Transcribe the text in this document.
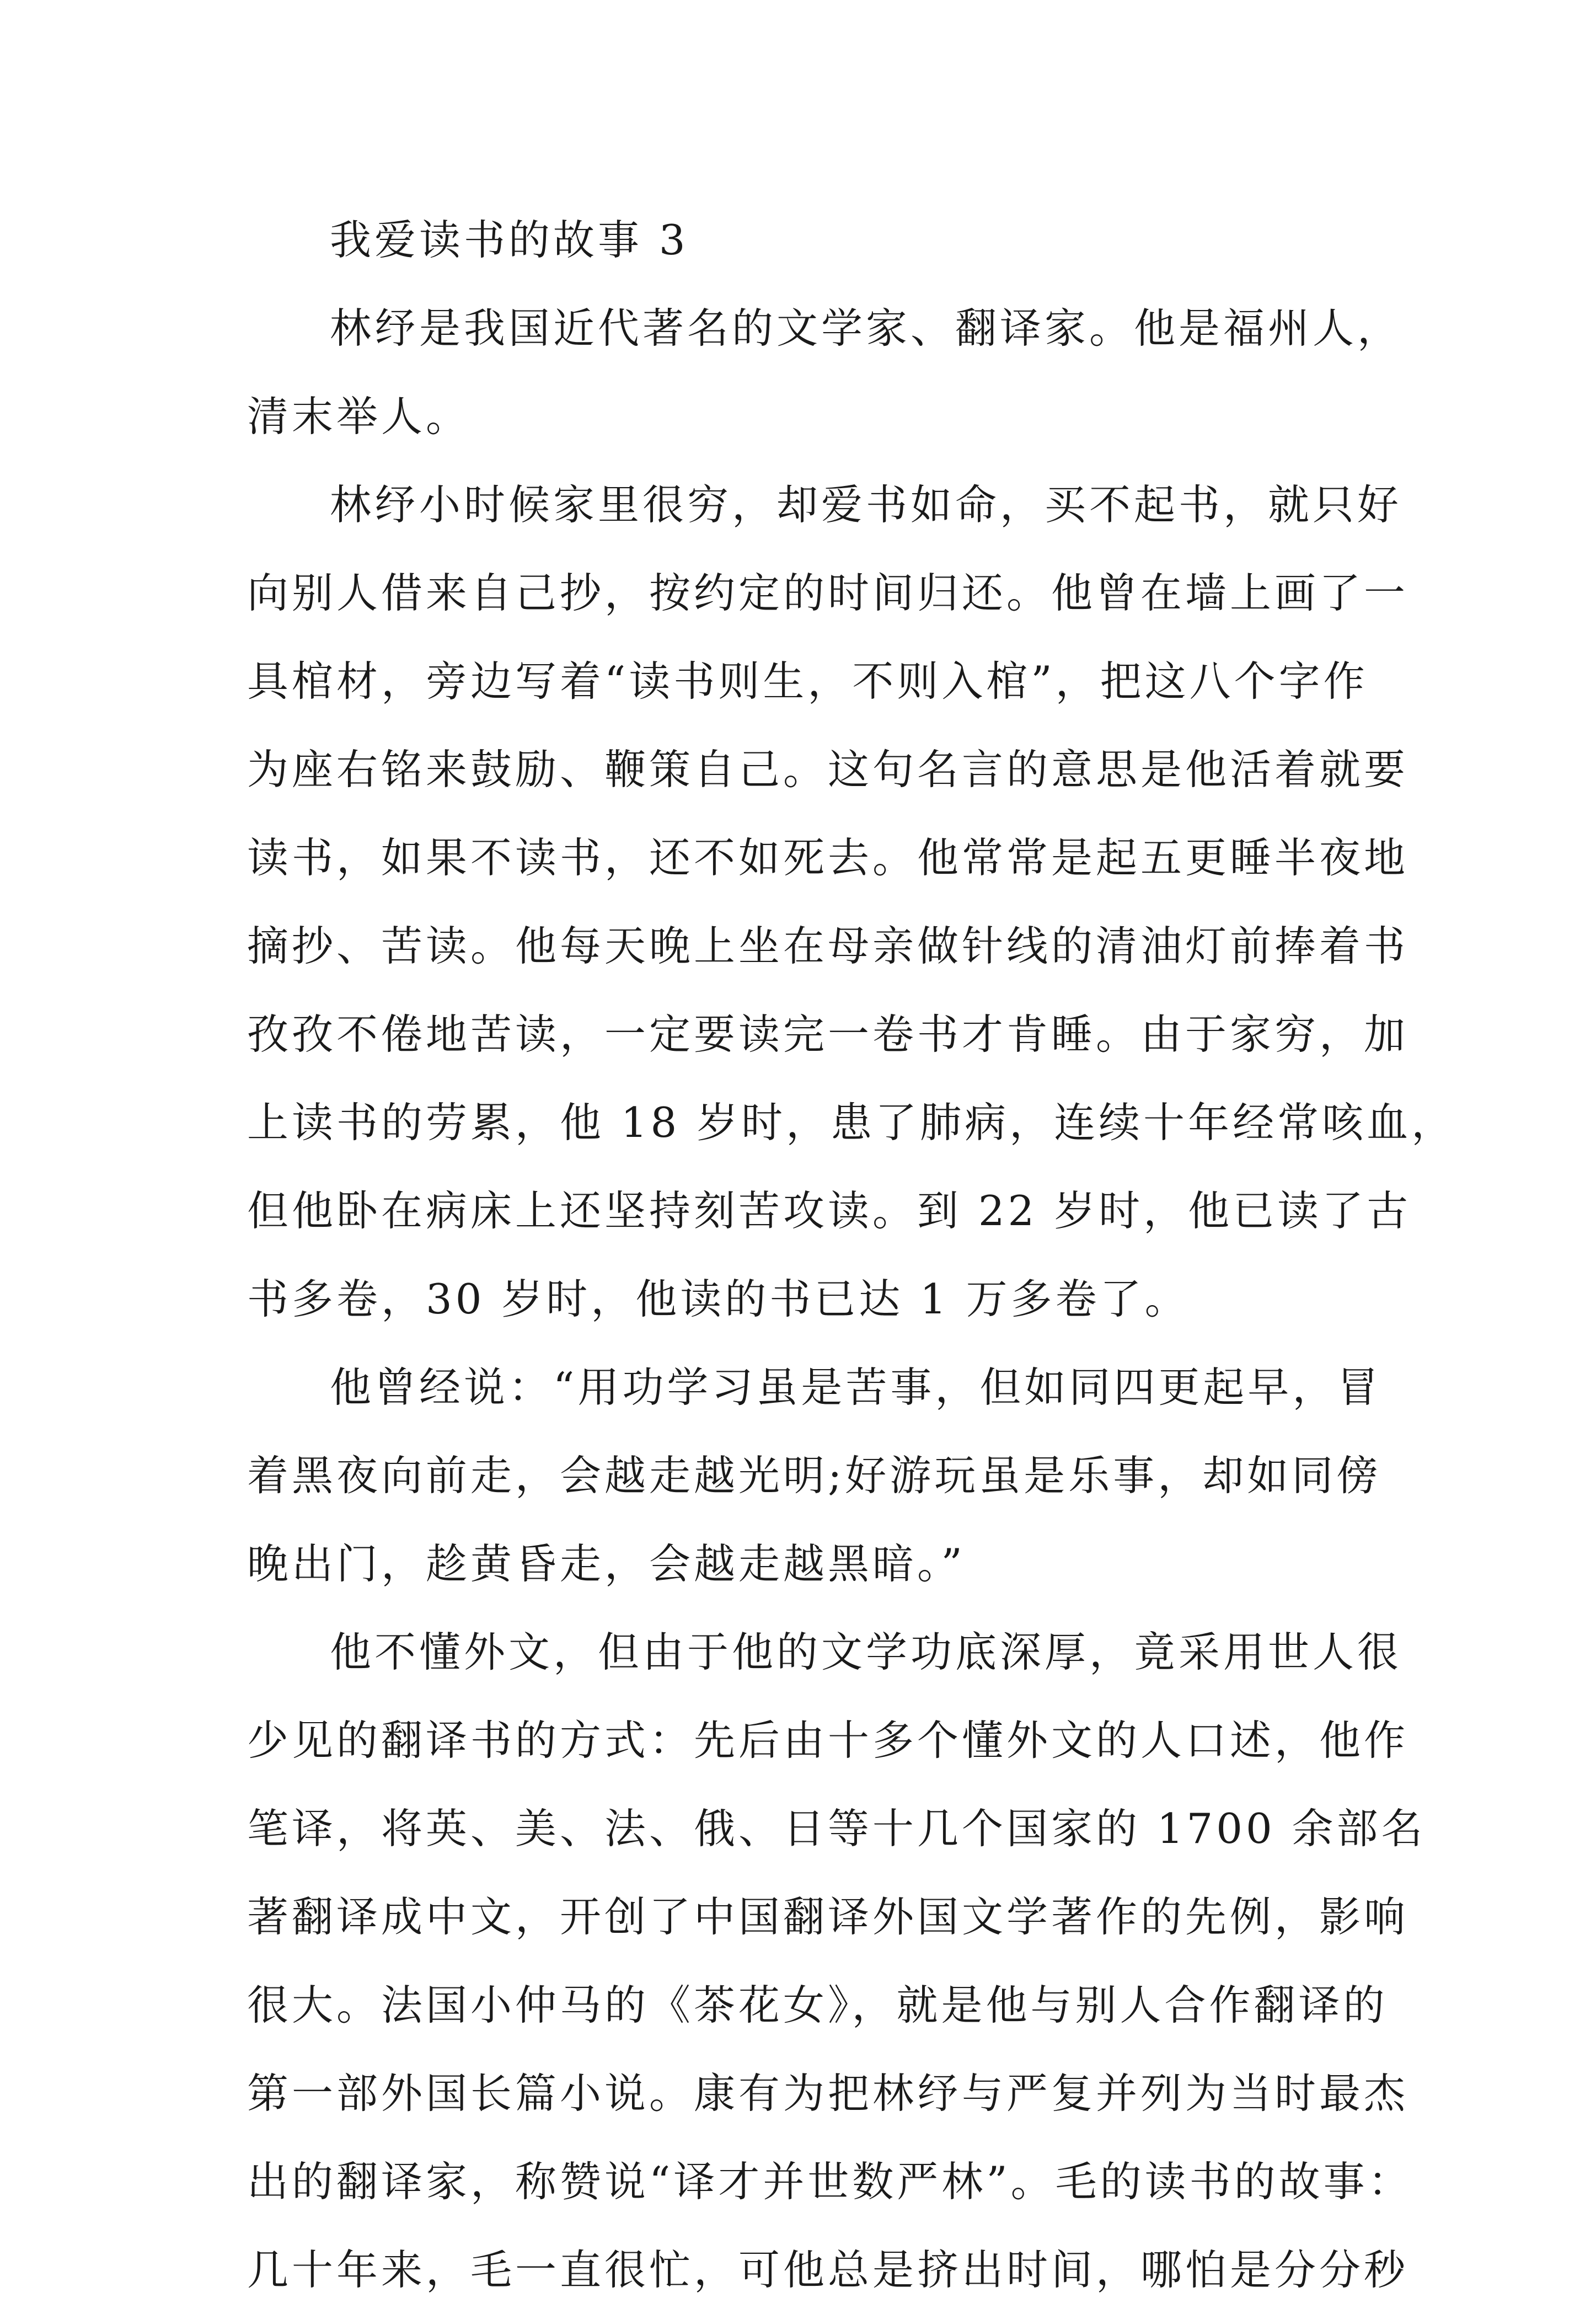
我爱读书的故事 3
林纾是我国近代著名的文学家、翻译家。他是福州人，
清末举人。
林纾小时候家里很穷，却爱书如命，买不起书，就只好
向别人借来自己抄，按约定的时间归还。他曾在墙上画了一
具棺材，旁边写着“读书则生，不则入棺”，把这八个字作
为座右铭来鼓励、鞭策自己。这句名言的意思是他活着就要
读书，如果不读书，还不如死去。他常常是起五更睡半夜地
摘抄、苦读。他每天晚上坐在母亲做针线的清油灯前捧着书
孜孜不倦地苦读，一定要读完一卷书才肯睡。由于家穷，加
上读书的劳累，他 18 岁时，患了肺病，连续十年经常咳血，
但他卧在病床上还坚持刻苦攻读。到 22 岁时，他已读了古
书多卷，30 岁时，他读的书已达 1 万多卷了。
他曾经说：“用功学习虽是苦事，但如同四更起早，冒
着黑夜向前走，会越走越光明;好游玩虽是乐事，却如同傍
晚出门，趁黄昏走，会越走越黑暗。”
他不懂外文，但由于他的文学功底深厚，竟采用世人很
少见的翻译书的方式：先后由十多个懂外文的人口述，他作
笔译，将英、美、法、俄、日等十几个国家的 1700 余部名
著翻译成中文，开创了中国翻译外国文学著作的先例，影响
很大。法国小仲马的《茶花女》，就是他与别人合作翻译的
第一部外国长篇小说。康有为把林纾与严复并列为当时最杰
出的翻译家，称赞说“译才并世数严林”。毛的读书的故事：
几十年来，毛一直很忙，可他总是挤出时间，哪怕是分分秒
